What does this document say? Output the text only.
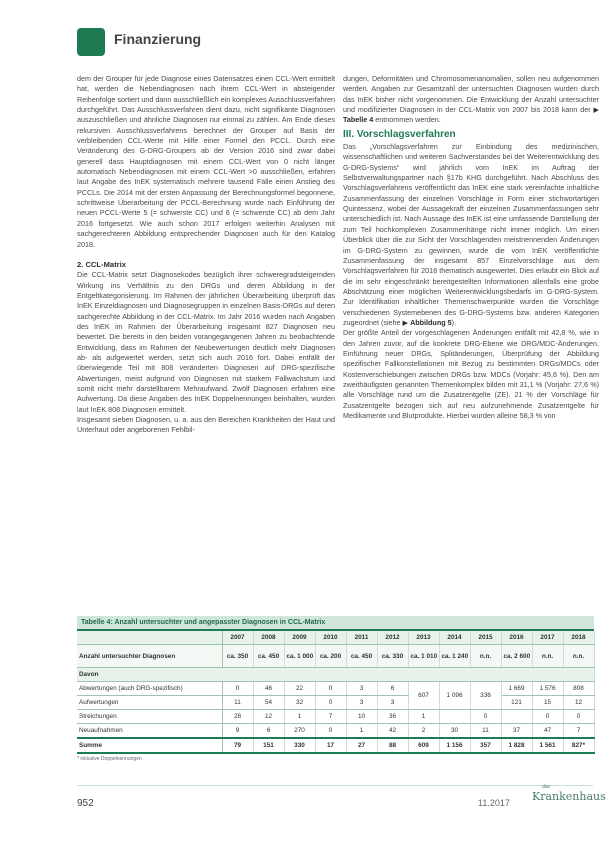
Finanzierung

dem der Grouper für jede Diagnose eines Datensatzes einen CCL-Wert ermittelt hat, werden die Nebendiagnosen nach ihrem CCL-Wert in absteigender Reihenfolge sortiert und dann ausschließlich ein komplexes Ausschlussverfahren durchgeführt. Das Ausschlussverfahren dient dazu, nicht signifikante Diagnosen auszuschließen und ähnliche Diagnosen nur einmal zu zählen. Am Ende dieses rekursiven Ausschlussverfahrens berechnet der Grouper auf Basis der verbleibenden CCL-Werte mit Hilfe einer Formel den PCCL. Durch eine Veränderung des G-DRG-Groupers ab der Version 2016 sind zwar dabei generell dass Hauptdiagnosen mit einem CCL-Wert von 0 nicht länger automatisch Nebendiagnosen mit einem CCL-Wert >0 ausschließen, erfahren laut Angabe des InEK systematisch mehrere tausend Fälle einen Anstieg des PCCLs. Die 2014 mit der ersten Anpassung der Berechnungsformel begonnene, schrittweise Überarbeitung der PCCL-Berechnung wurde nach Einführung der neuen PCCL-Werte 5 (= schwerste CC) und 6 (= schwerste CC) ab dem Jahr 2016 fortgesetzt. Wie auch schon 2017 erfolgen weiterhin Analysen mit sachgerechteren Abbildung entsprechender Diagnosen auch für den Katalog 2018.

2. CCL-Matrix

Die CCL-Matrix setzt Diagnosekodes bezüglich ihrer schweregradsteigernden Wirkung ins Verhältnis zu den DRGs und deren Abbildung in der Entgeltkategorisierung. Im Rahmen der jährlichen Überarbeitung überprüft das InEK Einzeldiagnosen und Diagnosegruppen in einzelnen Basis-DRGs auf deren sachgerechte Abbildung in der CCL-Matrix. Im Jahr 2016 wurden nach Angaben des InEK im Rahmen der Überarbeitung insgesamt 827 Diagnosen neu bewertet. Die bereits in den beiden vorangegangenen Jahren zu beobachtende Entwicklung, dass im Rahmen der Neubewertungen deutlich mehr Diagnosen ab- als aufgewertet werden, setzt sich auch 2016 fort. Dabei entfällt der überwiegende Teil mit 808 veränderten Diagnosen auf DRG-spezifische Abwertungen, meist aufgrund von Diagnosen mit starkem Fallwachstum und somit nicht mehr darstellbarem Mehraufwand. Zwölf Diagnosen erfahren eine Aufwertung. Da diese Angaben des InEK Doppelnennungen beinhalten, wurden laut InEK 808 Diagnosen ermittelt.

Insgesamt sieben Diagnosen, u. a. aus den Bereichen Krankheiten der Haut und Unterhaut oder angeborenen Fehlbil-

dungen, Deformitäten und Chromosomenanomalien, sollen neu aufgenommen werden. Angaben zur Gesamtzahl der untersuchten Diagnosen wurden durch das InEK bisher nicht vorgenommen. Die Entwicklung der Anzahl untersuchter und modifizierter Diagnosen in der CCL-Matrix von 2007 bis 2018 kann der ▶ Tabelle 4 entnommen werden.

III. Vorschlagsverfahren

Das „Vorschlagsverfahren zur Einbindung des medizinischen, wissenschaftlichen und weiteren Sachverstandes bei der Weiterentwicklung des G-DRG-Systems“ wird jährlich vom InEK im Auftrag der Selbstverwaltungspartner nach §17b KHG durchgeführt. Nach Abschluss des Vorschlagsverfahrens veröffentlicht das InEK eine stark vereinfachte inhaltliche Zusammenfassung der einzelnen Vorschläge in Form einer stichwortartigen Quintessenz, wobei der Aussagekraft der einzelnen Zusammenfassungen sehr unterschiedlich ist. Nach Aussage des InEK ist eine umfassende Darstellung der zum Teil hochkomplexen Zusammenhänge nicht immer möglich. Um einen Überblick über die zur Sicht der Vorschlagenden meistnennenden Änderungen im G-DRG-System zu gewinnen, wurde die vom InEK veröffentlichte Zusammenfassung der insgesamt 857 Einzelvorschläge aus dem Vorschlagsverfahren für 2018 thematisch ausgewertet. Dies erlaubt ein Blick auf die im sehr eingeschränkt bereitgestellten Informationen allenfalls eine grobe Abschätzung einer möglichen Weiterentwicklungsbedarfs im G-DRG-System. Zur Identifikation inhaltlicher Themenschwerpunkte wurden die Vorschläge verschiedenen Systemebenen des G-DRG-Systems bzw. anderen Kategorien zugeordnet (siehe ▶ Abbildung 5).

Der größte Anteil der vorgeschlagenen Änderungen entfällt mit 42,8 %, wie in den Jahren zuvor, auf die konkrete DRG-Ebene wie DRG/MDC-Änderungen, Einführung neuer DRGs, Splitänderungen, Überprüfung der Abbildung spezifischer Fallkonstellationen mit Bezug zu bestimmten DRGs/MDCs oder Kostenverschiebungen zwischen DRGs bzw. MDCs (Vorjahr: 45,6 %). Den am zweithäufigsten genannten Themenkomplex bilden mit 31,1 % (Vorjahr: 27,6 %) alle Vorschläge rund um die Zusatzentgelte (ZE). 21 % der Vorschläge für Zusatzentgelte bezogen sich auf neu aufzunehmende Zusatzentgelte für Medikamente und Blutprodukte. Hierbei wurden alleine 58,3 % von

Tabelle 4: Anzahl untersuchter und angepasster Diagnosen in CCL-Matrix
	2007	2008	2009	2010	2011	2012	2013	2014	2015	2016	2017	2018
Anzahl untersuchter Diagnosen	ca. 350	ca. 450	ca. 1 000	ca. 200	ca. 450	ca. 330	ca. 1 010	ca. 1 240	n.n.	ca. 2 600	n.n.	n.n.
Davon												
Abwertungen (auch DRG-spezifisch)	0	46	22	0	3	6	607	1 096	336	1 669	1 576	808
Aufwertungen	11	54	32	0	3	3				121	15	12
Streichungen	28	12	1	7	10	36	1		0		0	0
Neuaufnahmen	9	6	270	0	1	42	2	30	11	37	47	7
Summe	79	151	330	17	27	88	609	1 156	357	1 828	1 561	827*
* inklusive Doppelnennungen
952	11.2017
das
Krankenhaus
